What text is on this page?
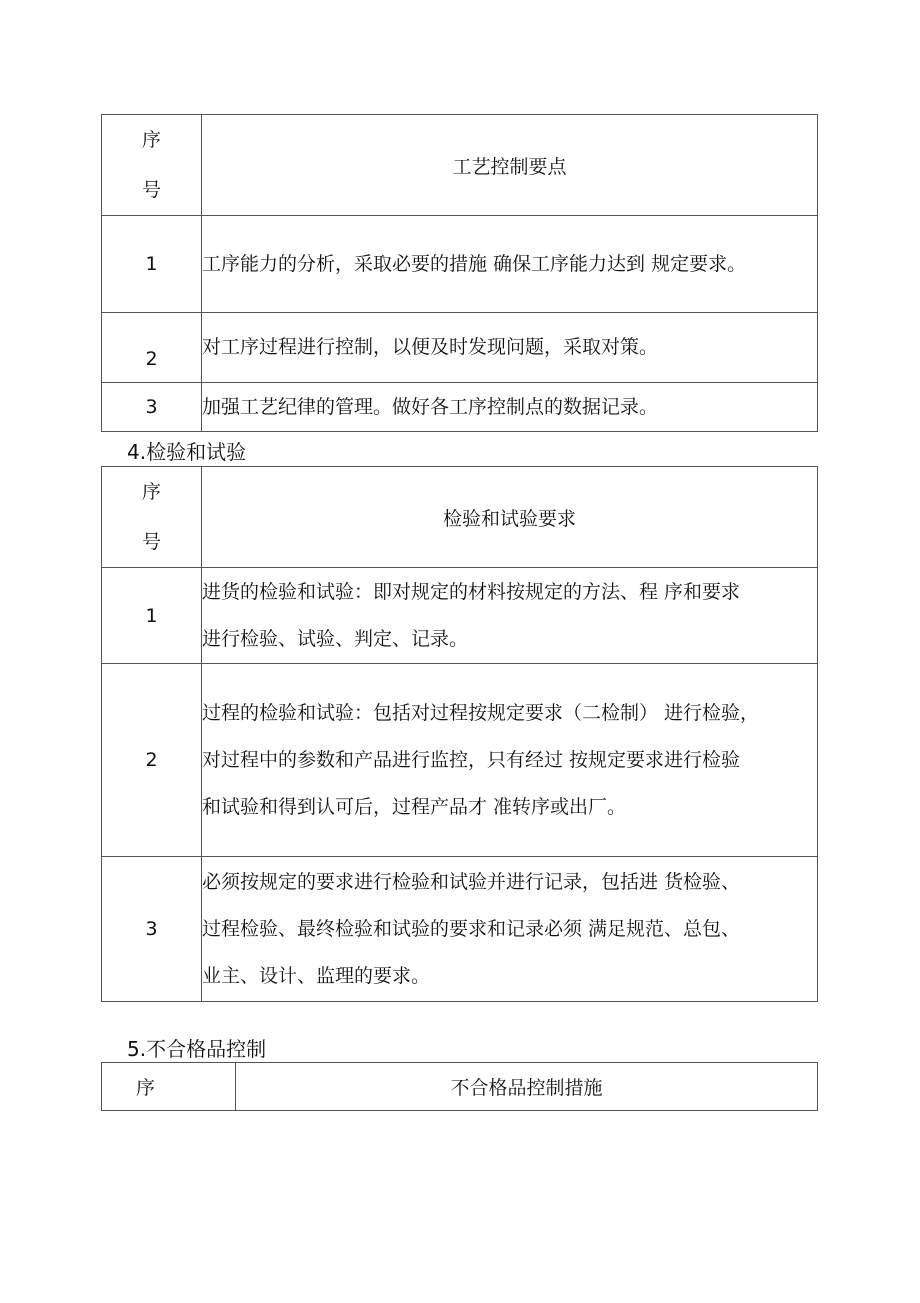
序
号	工艺控制要点
1	工序能力的分析，采取必要的措施 确保工序能力达到 规定要求。

2	对工序过程进行控制，以便及时发现问题，采取对策。

3	加强工艺纪律的管理。做好各工序控制点的数据记录。
4.检验和试验
序
号	检验和试验要求
1	进货的检验和试验：即对规定的材料按规定的方法、程 序和要求
进行检验、试验、判定、记录。

2	过程的检验和试验：包括对过程按规定要求（二检制） 进行检验，
对过程中的参数和产品进行监控，只有经过 按规定要求进行检验
和试验和得到认可后，过程产品才 准转序或出厂。

3	必须按规定的要求进行检验和试验并进行记录，包括进 货检验、
过程检验、最终检验和试验的要求和记录必须 满足规范、总包、
业主、设计、监理的要求。
5.不合格品控制
序	不合格品控制措施
